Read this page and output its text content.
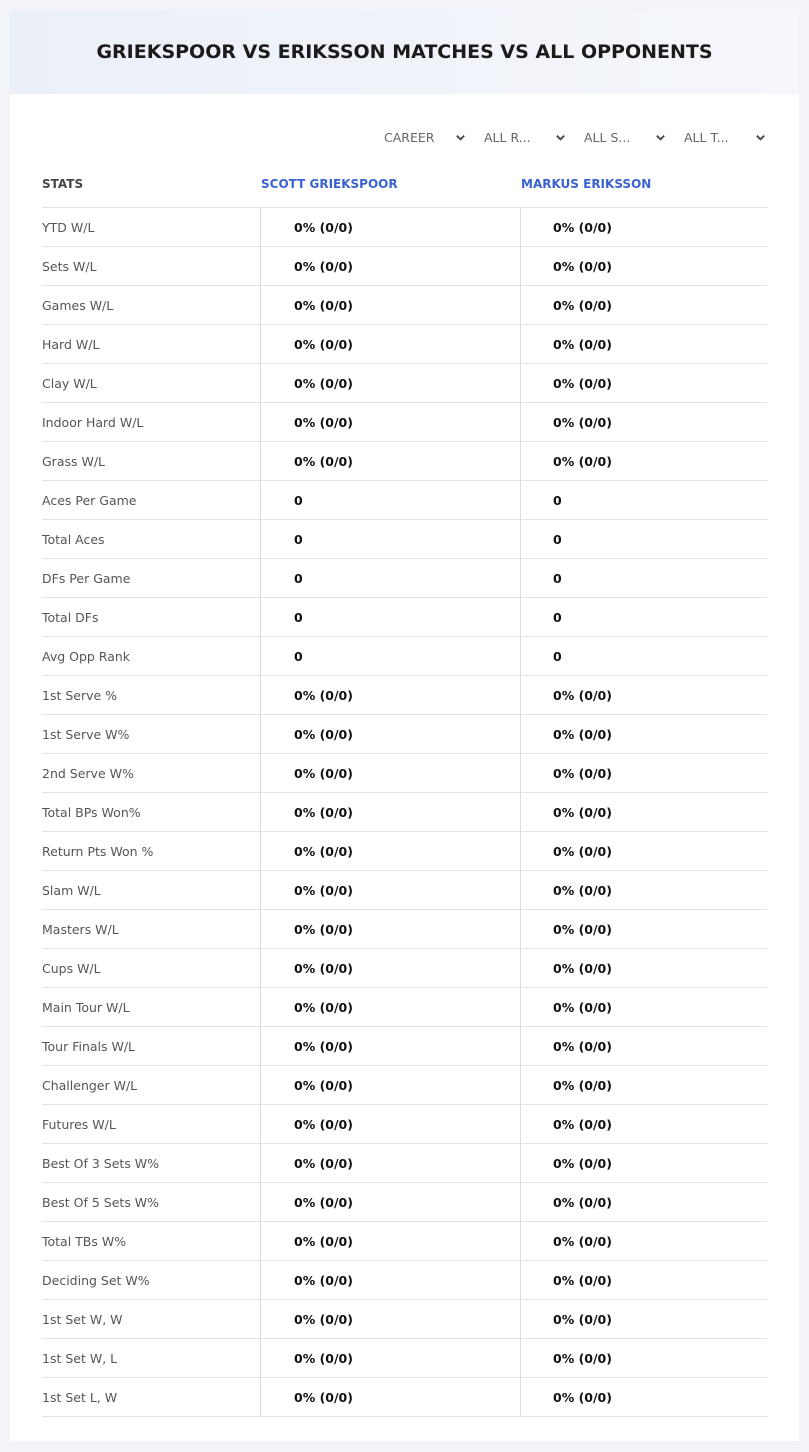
GRIEKSPOOR VS ERIKSSON MATCHES VS ALL OPPONENTS
CAREER	ALL R...	ALL S...	ALL T...
STATS	SCOTT GRIEKSPOOR	MARKUS ERIKSSON
YTD W/L	0% (0/0)	0% (0/0)
Sets W/L	0% (0/0)	0% (0/0)
Games W/L	0% (0/0)	0% (0/0)
Hard W/L	0% (0/0)	0% (0/0)
Clay W/L	0% (0/0)	0% (0/0)
Indoor Hard W/L	0% (0/0)	0% (0/0)
Grass W/L	0% (0/0)	0% (0/0)
Aces Per Game	0	0
Total Aces	0	0
DFs Per Game	0	0
Total DFs	0	0
Avg Opp Rank	0	0
1st Serve %	0% (0/0)	0% (0/0)
1st Serve W%	0% (0/0)	0% (0/0)
2nd Serve W%	0% (0/0)	0% (0/0)
Total BPs Won%	0% (0/0)	0% (0/0)
Return Pts Won %	0% (0/0)	0% (0/0)
Slam W/L	0% (0/0)	0% (0/0)
Masters W/L	0% (0/0)	0% (0/0)
Cups W/L	0% (0/0)	0% (0/0)
Main Tour W/L	0% (0/0)	0% (0/0)
Tour Finals W/L	0% (0/0)	0% (0/0)
Challenger W/L	0% (0/0)	0% (0/0)
Futures W/L	0% (0/0)	0% (0/0)
Best Of 3 Sets W%	0% (0/0)	0% (0/0)
Best Of 5 Sets W%	0% (0/0)	0% (0/0)
Total TBs W%	0% (0/0)	0% (0/0)
Deciding Set W%	0% (0/0)	0% (0/0)
1st Set W, W	0% (0/0)	0% (0/0)
1st Set W, L	0% (0/0)	0% (0/0)
1st Set L, W	0% (0/0)	0% (0/0)
